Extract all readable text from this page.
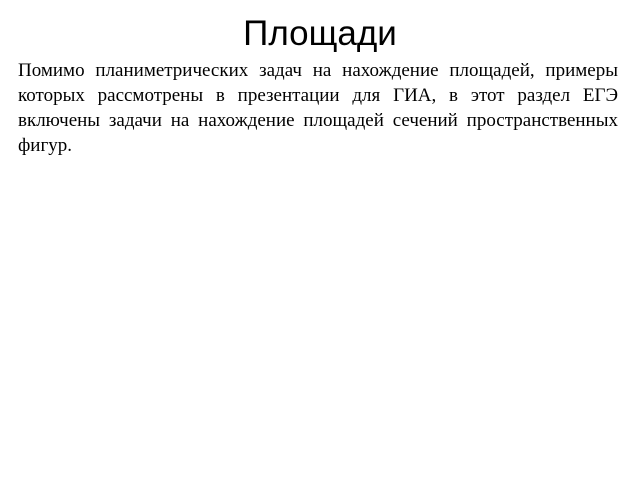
Площади

Помимо планиметрических задач на нахождение площадей, примеры которых рассмотрены в презентации для ГИА, в этот раздел ЕГЭ включены задачи на нахождение площадей сечений пространственных фигур.
